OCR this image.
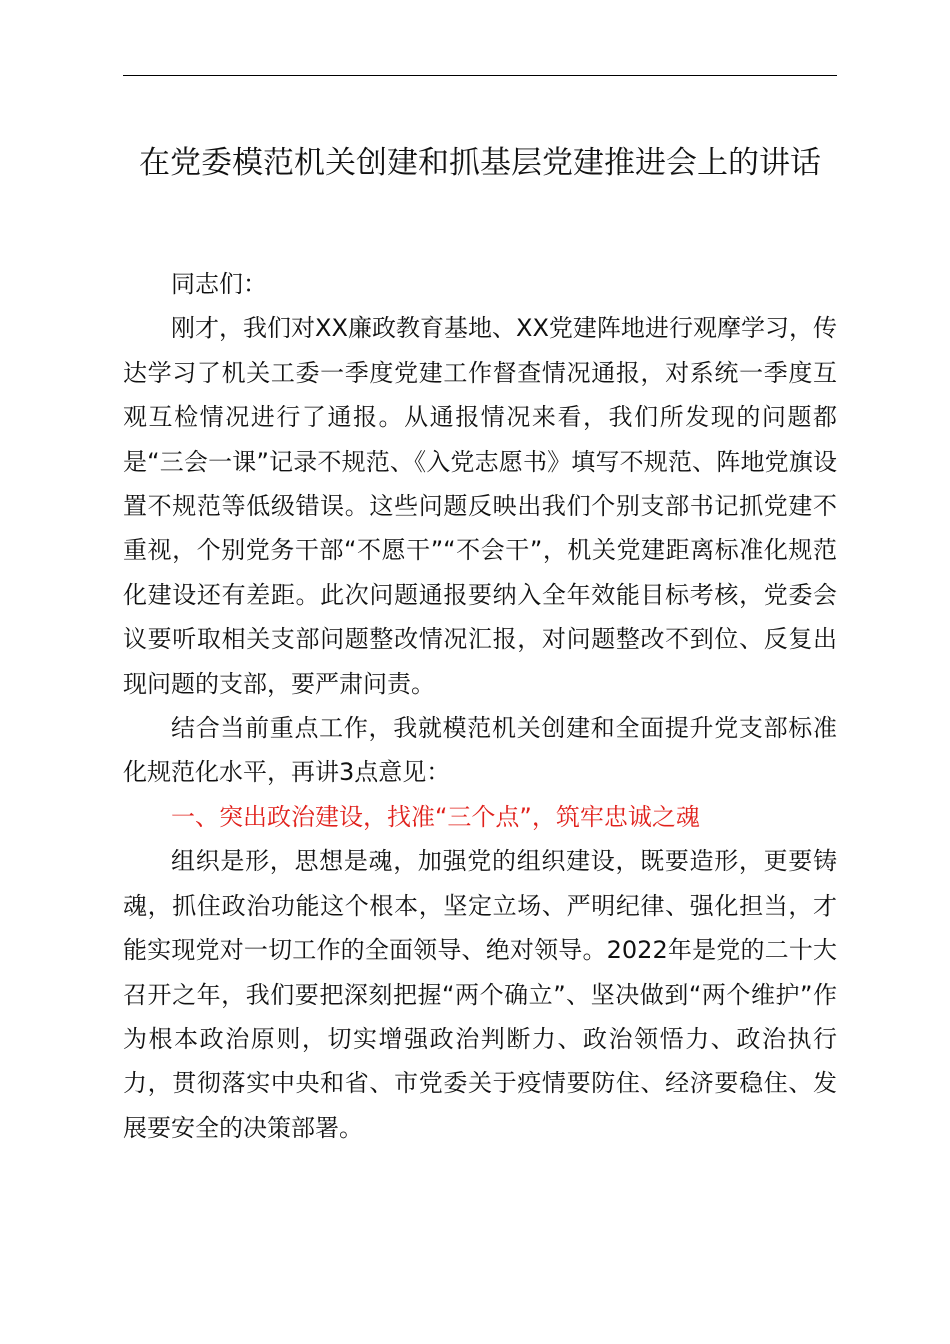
在党委模范机关创建和抓基层党建推进会上的讲话

同志们：

刚才，我们对XX廉政教育基地、XX党建阵地进行观摩学习，传达学习了机关工委一季度党建工作督查情况通报，对系统一季度互观互检情况进行了通报。从通报情况来看，我们所发现的问题都是“三会一课”记录不规范、《入党志愿书》填写不规范、阵地党旗设置不规范等低级错误。这些问题反映出我们个别支部书记抓党建不重视，个别党务干部“不愿干”“不会干”，机关党建距离标准化规范化建设还有差距。此次问题通报要纳入全年效能目标考核，党委会议要听取相关支部问题整改情况汇报，对问题整改不到位、反复出现问题的支部，要严肃问责。

结合当前重点工作，我就模范机关创建和全面提升党支部标准化规范化水平，再讲3点意见：

一、突出政治建设，找准“三个点”，筑牢忠诚之魂

组织是形，思想是魂，加强党的组织建设，既要造形，更要铸魂，抓住政治功能这个根本，坚定立场、严明纪律、强化担当，才能实现党对一切工作的全面领导、绝对领导。2022年是党的二十大召开之年，我们要把深刻把握“两个确立”、坚决做到“两个维护”作为根本政治原则，切实增强政治判断力、政治领悟力、政治执行力，贯彻落实中央和省、市党委关于疫情要防住、经济要稳住、发展要安全的决策部署。
